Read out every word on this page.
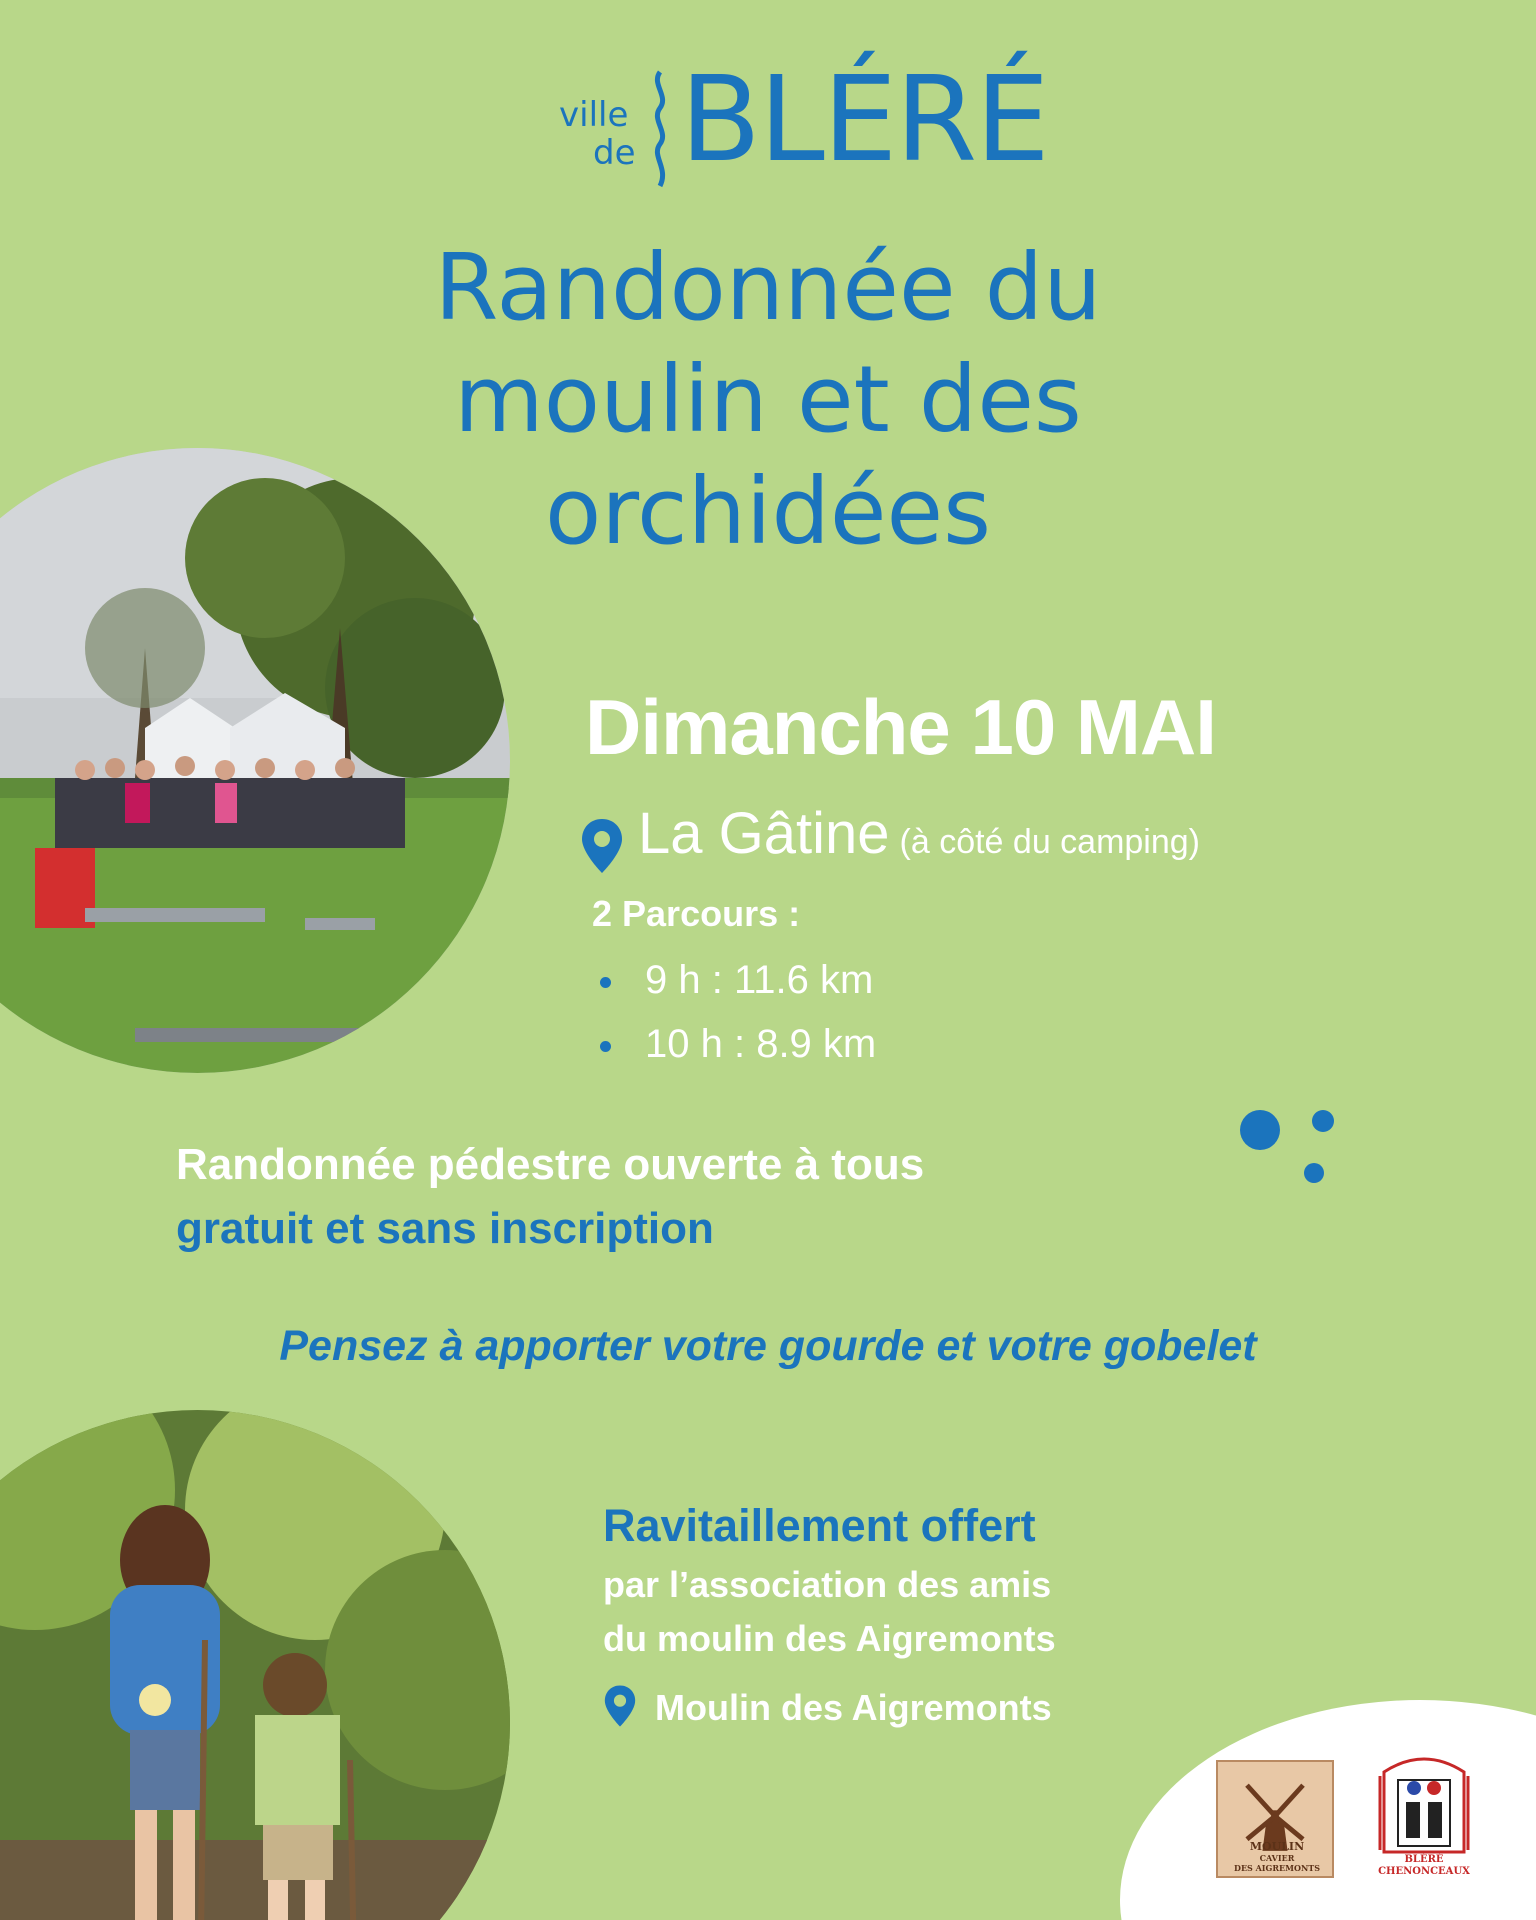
ville
de BLÉRÉ
Randonnée du
moulin et des
orchidées
Dimanche 10 MAI
La Gâtine (à côté du camping)
2 Parcours :
9 h : 11.6 km
10 h : 8.9 km
Randonnée pédestre ouverte à tous
gratuit et sans inscription
Pensez à apporter votre gourde et votre gobelet
Ravitaillement offert
par l’association des amis
du moulin des Aigremonts
Moulin des Aigremonts
MOULIN
CAVIER
DES AIGREMONTS
BLÉRÉ
CHENONCEAUX
